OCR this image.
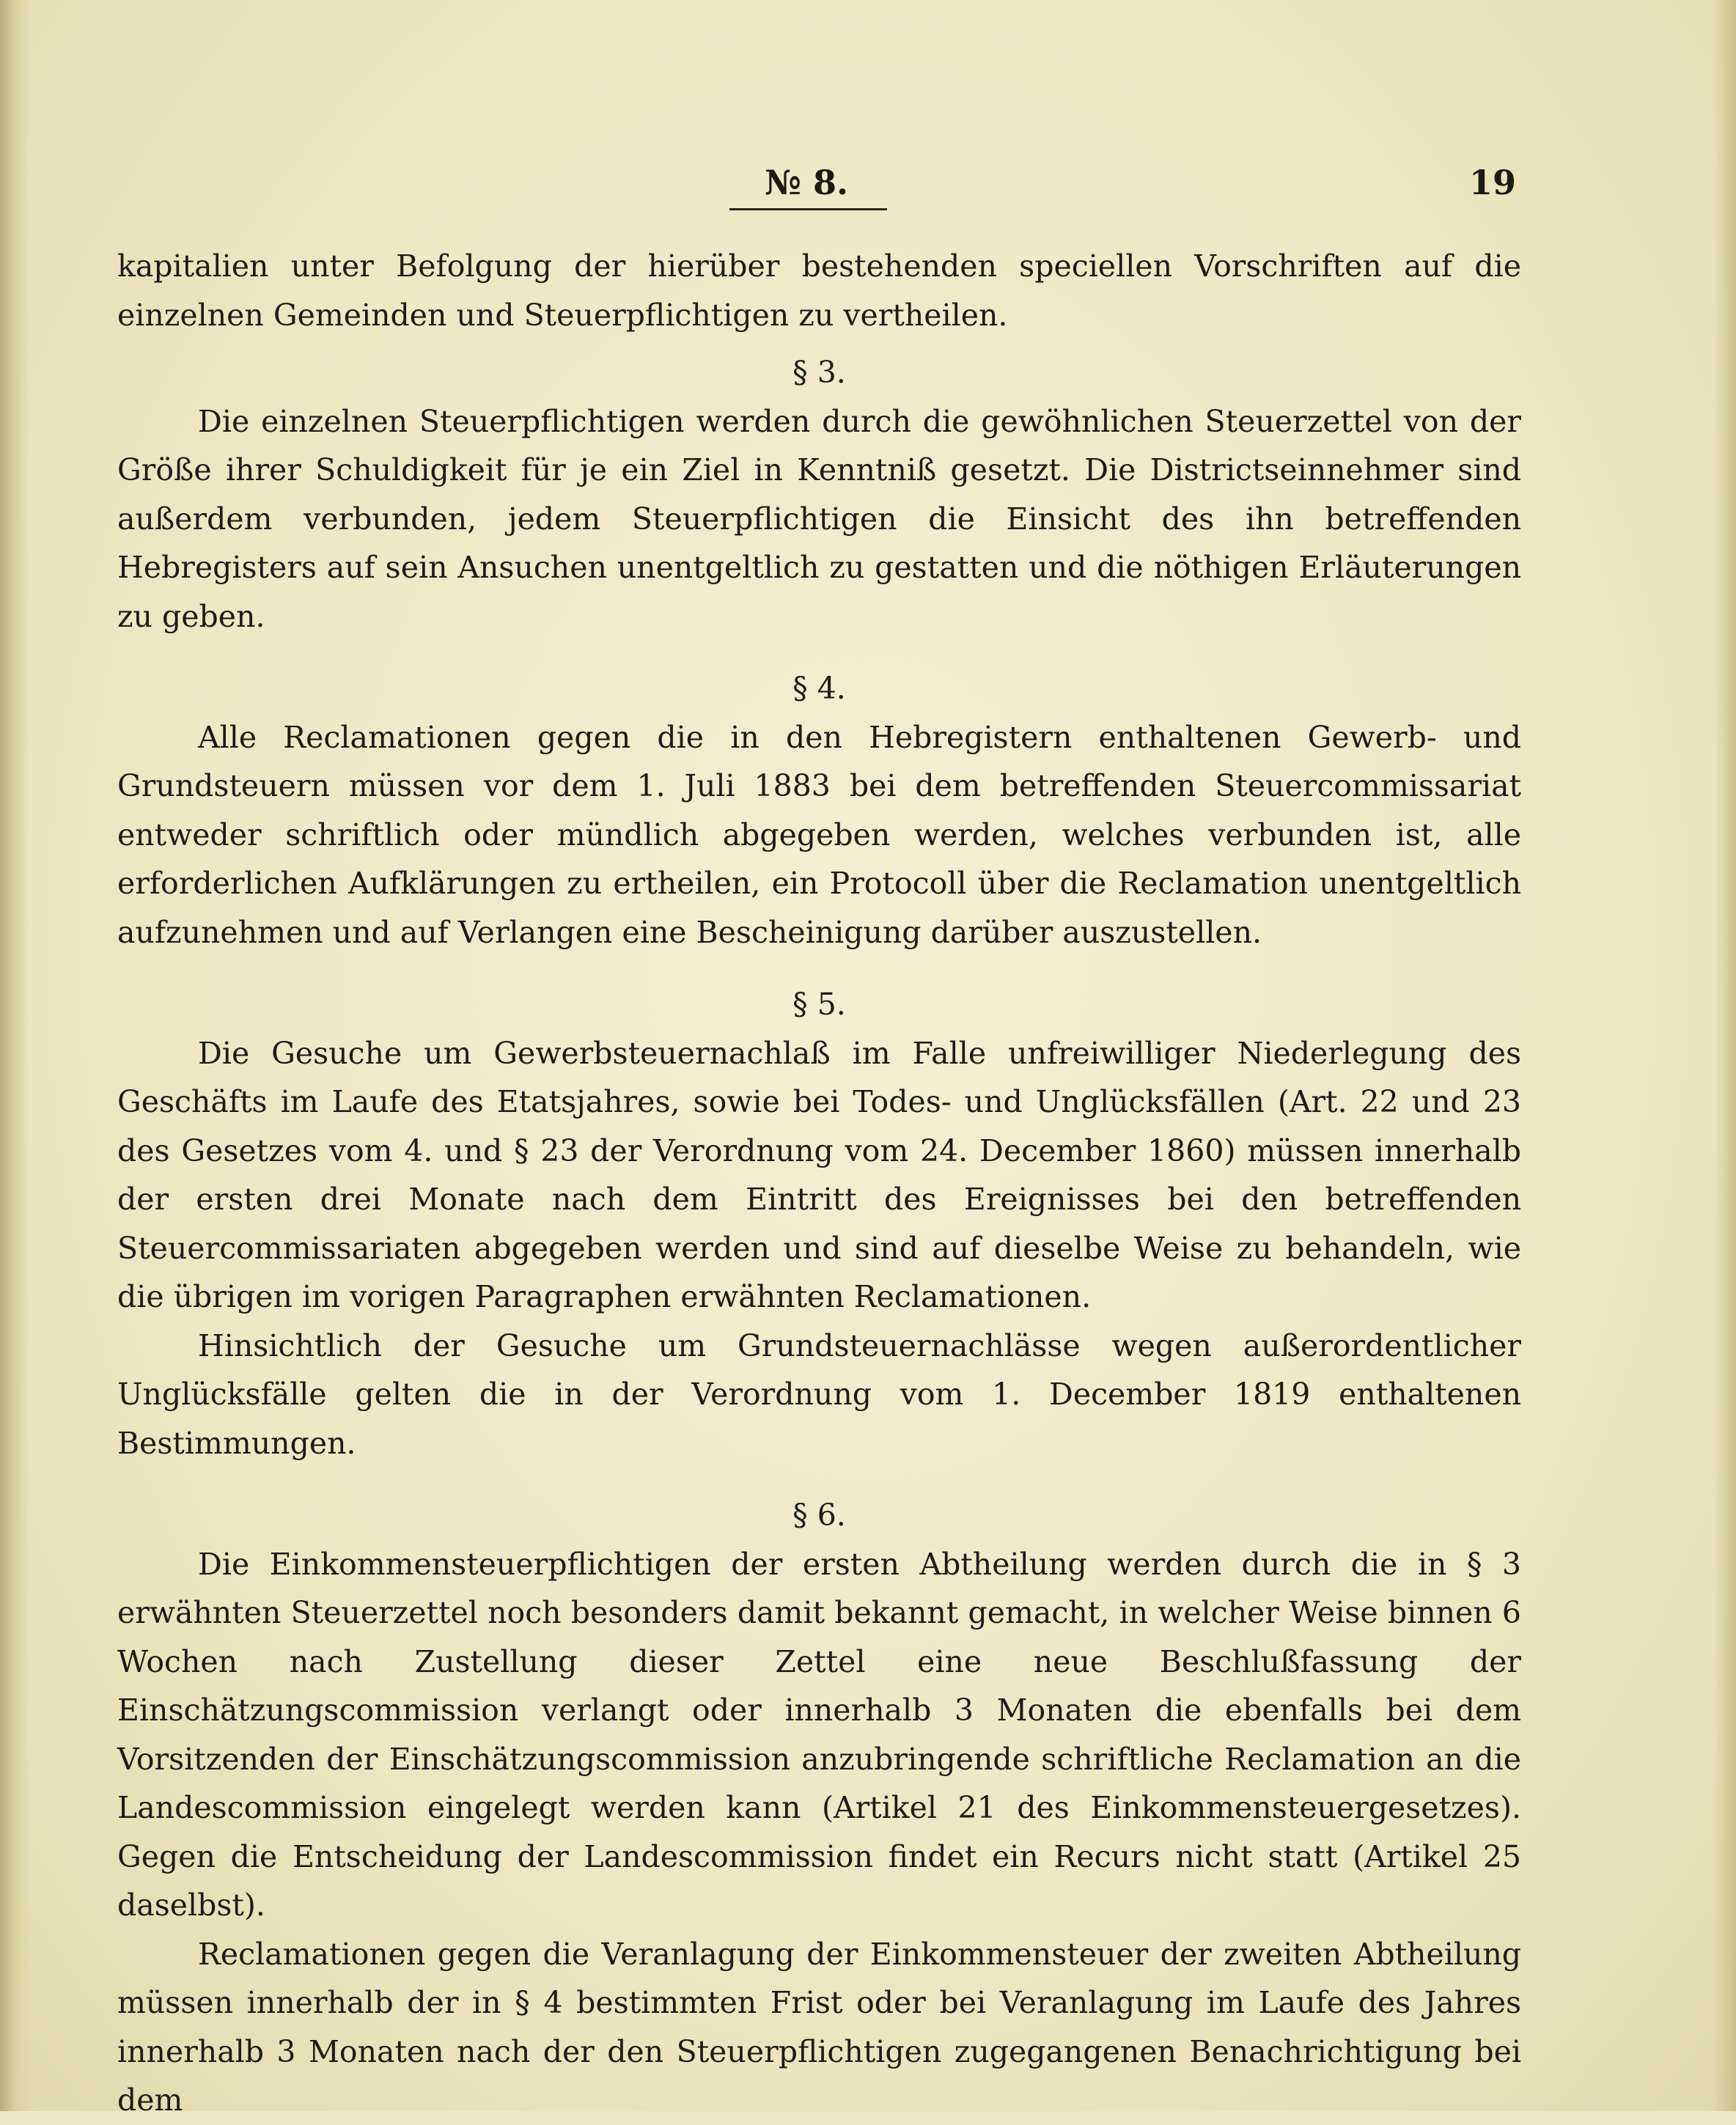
№ 8.	19

kapitalien unter Befolgung der hierüber bestehenden speciellen Vorschriften auf die einzelnen Gemeinden und Steuerpflichtigen zu vertheilen.

§ 3.

Die einzelnen Steuerpflichtigen werden durch die gewöhnlichen Steuerzettel von der Größe ihrer Schuldigkeit für je ein Ziel in Kenntniß gesetzt. Die Districtseinnehmer sind außerdem verbunden, jedem Steuerpflichtigen die Einsicht des ihn betreffenden Hebregisters auf sein Ansuchen unentgeltlich zu gestatten und die nöthigen Erläuterungen zu geben.

§ 4.

Alle Reclamationen gegen die in den Hebregistern enthaltenen Gewerb- und Grundsteuern müssen vor dem 1. Juli 1883 bei dem betreffenden Steuercommissariat entweder schriftlich oder mündlich abgegeben werden, welches verbunden ist, alle erforderlichen Aufklärungen zu ertheilen, ein Protocoll über die Reclamation unentgeltlich aufzunehmen und auf Verlangen eine Bescheinigung darüber auszustellen.

§ 5.

Die Gesuche um Gewerbsteuernachlaß im Falle unfreiwilliger Niederlegung des Geschäfts im Laufe des Etatsjahres, sowie bei Todes- und Unglücksfällen (Art. 22 und 23 des Gesetzes vom 4. und § 23 der Verordnung vom 24. December 1860) müssen innerhalb der ersten drei Monate nach dem Eintritt des Ereignisses bei den betreffenden Steuercommissariaten abgegeben werden und sind auf dieselbe Weise zu behandeln, wie die übrigen im vorigen Paragraphen erwähnten Reclamationen.

Hinsichtlich der Gesuche um Grundsteuernachlässe wegen außerordentlicher Unglücksfälle gelten die in der Verordnung vom 1. December 1819 enthaltenen Bestimmungen.

§ 6.

Die Einkommensteuerpflichtigen der ersten Abtheilung werden durch die in § 3 erwähnten Steuerzettel noch besonders damit bekannt gemacht, in welcher Weise binnen 6 Wochen nach Zustellung dieser Zettel eine neue Beschlußfassung der Einschätzungscommission verlangt oder innerhalb 3 Monaten die ebenfalls bei dem Vorsitzenden der Einschätzungscommission anzubringende schriftliche Reclamation an die Landescommission eingelegt werden kann (Artikel 21 des Einkommensteuergesetzes). Gegen die Entscheidung der Landescommission findet ein Recurs nicht statt (Artikel 25 daselbst).

Reclamationen gegen die Veranlagung der Einkommensteuer der zweiten Abtheilung müssen innerhalb der in § 4 bestimmten Frist oder bei Veranlagung im Laufe des Jahres innerhalb 3 Monaten nach der den Steuerpflichtigen zugegangenen Benachrichtigung bei dem
